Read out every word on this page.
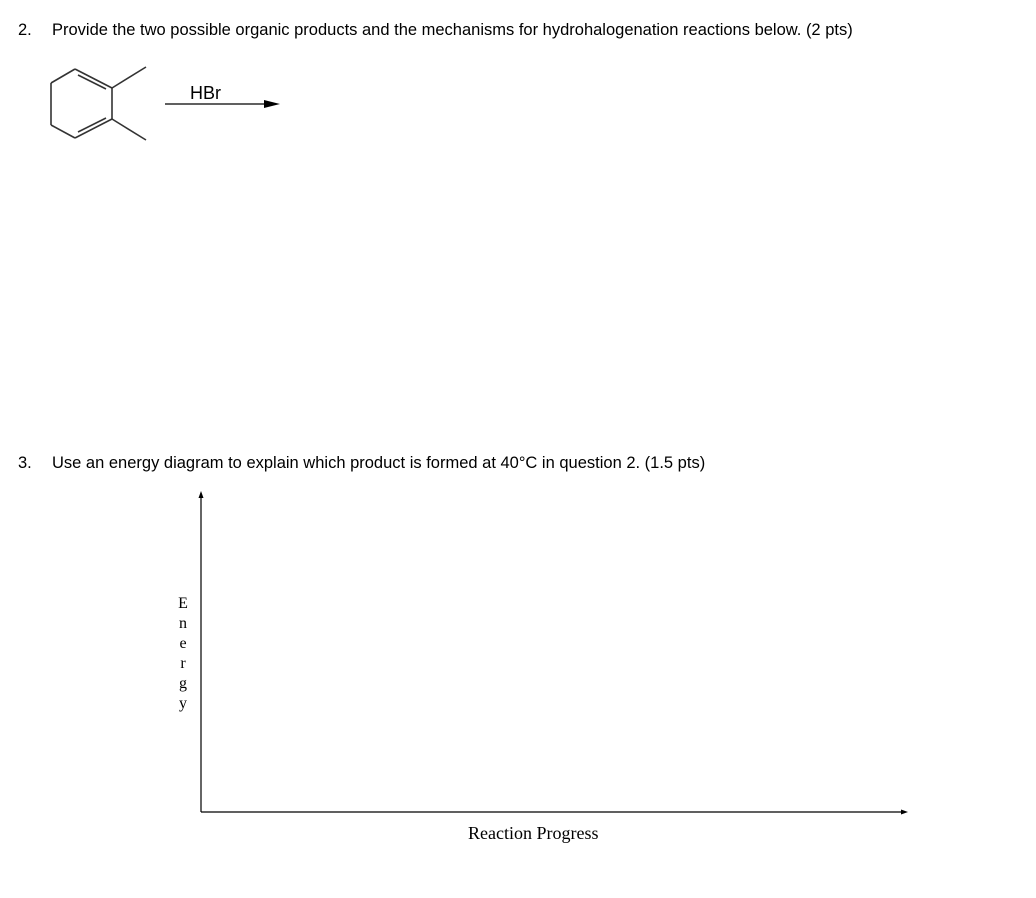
2. Provide the two possible organic products and the mechanisms for hydrohalogenation reactions below. (2 pts)
HBr
3. Use an energy diagram to explain which product is formed at 40°C in question 2. (1.5 pts)
E
n
e
r
g
y
Reaction Progress
